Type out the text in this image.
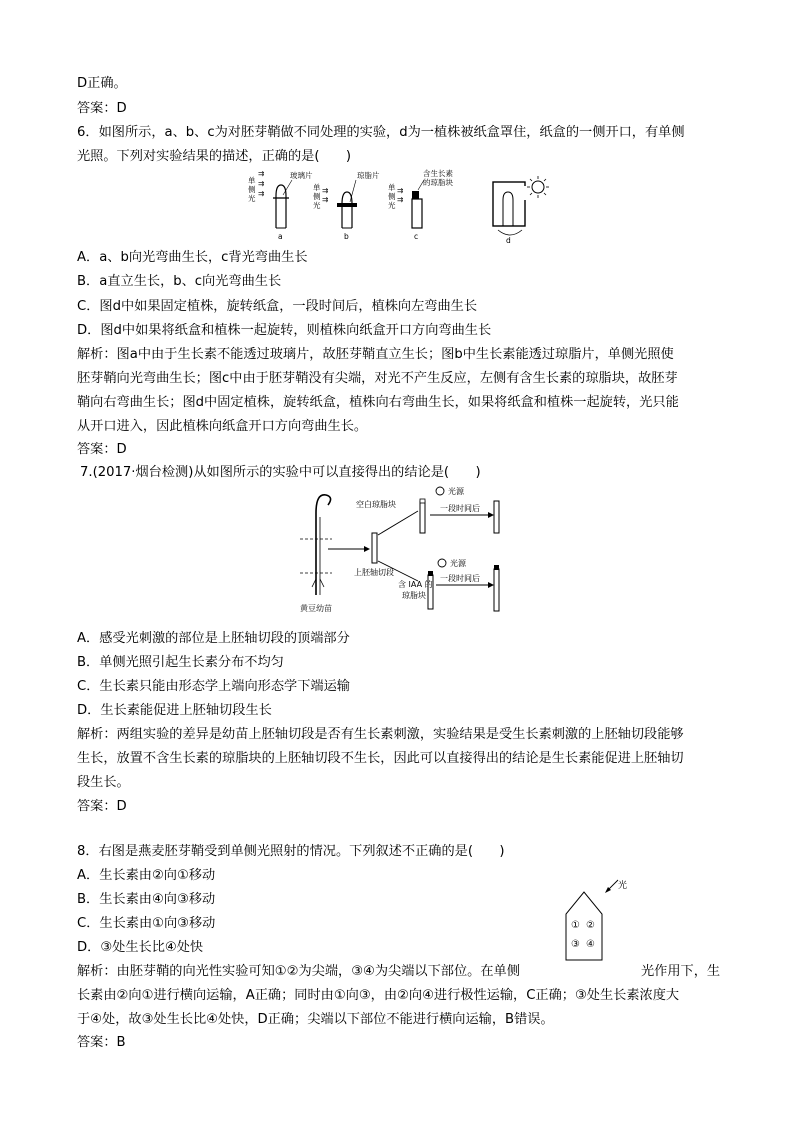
D正确。
答案：D
6．如图所示，a、b、c为对胚芽鞘做不同处理的实验，d为一植株被纸盒罩住，纸盒的一侧开口，有单侧
光照。下列对实验结果的描述，正确的是(　　)
单侧光
⇉
⇉
⇉
玻璃片
a
单侧光
⇉
⇉
琼脂片
b
单侧光
⇉
⇉
含生长素
的琼脂块
c	d
A．a、b向光弯曲生长，c背光弯曲生长
B．a直立生长，b、c向光弯曲生长
C．图d中如果固定植株，旋转纸盒，一段时间后，植株向左弯曲生长
D．图d中如果将纸盒和植株一起旋转，则植株向纸盒开口方向弯曲生长
解析：图a中由于生长素不能透过玻璃片，故胚芽鞘直立生长；图b中生长素能透过琼脂片，单侧光照使
胚芽鞘向光弯曲生长；图c中由于胚芽鞘没有尖端，对光不产生反应，左侧有含生长素的琼脂块，故胚芽
鞘向右弯曲生长；图d中固定植株，旋转纸盒，植株向右弯曲生长，如果将纸盒和植株一起旋转，光只能
从开口进入，因此植株向纸盒开口方向弯曲生长。
答案：D
7.(2017·烟台检测)从如图所示的实验中可以直接得出的结论是(　　)
黄豆幼苗
空白琼脂块
上胚轴切段
光源
一段时间后
光源
含 IAA 的
琼脂块
一段时间后
A．感受光刺激的部位是上胚轴切段的顶端部分
B．单侧光照引起生长素分布不均匀
C．生长素只能由形态学上端向形态学下端运输
D．生长素能促进上胚轴切段生长
解析：两组实验的差异是幼苗上胚轴切段是否有生长素刺激，实验结果是受生长素刺激的上胚轴切段能够
生长，放置不含生长素的琼脂块的上胚轴切段不生长，因此可以直接得出的结论是生长素能促进上胚轴切
段生长。
答案：D
8．右图是燕麦胚芽鞘受到单侧光照射的情况。下列叙述不正确的是(　　)
A．生长素由②向①移动
B．生长素由④向③移动
C．生长素由①向③移动
D．③处生长比④处快
光
① ②
③ ④
解析：由胚芽鞘的向光性实验可知①②为尖端，③④为尖端以下部位。在单侧	光作用下，生
长素由②向①进行横向运输，A正确；同时由①向③，由②向④进行极性运输，C正确；③处生长素浓度大
于④处，故③处生长比④处快，D正确；尖端以下部位不能进行横向运输，B错误。
答案：B
